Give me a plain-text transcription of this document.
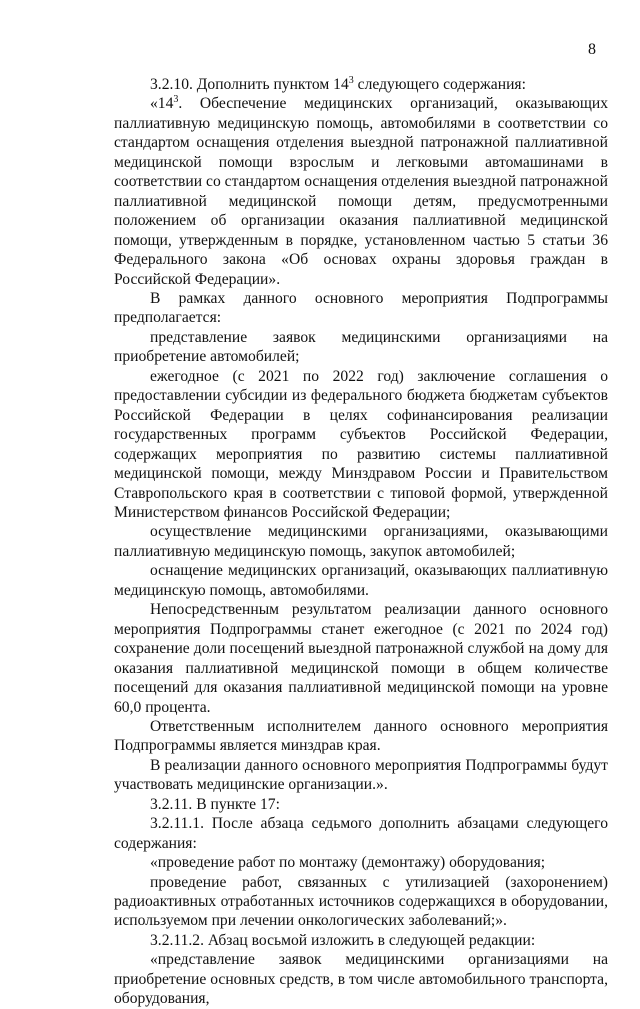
8

3.2.10. Дополнить пунктом $14^3$ следующего содержания:

«$14^3$. Обеспечение медицинских организаций, оказывающих паллиативную медицинскую помощь, автомобилями в соответствии со стандартом оснащения отделения выездной патронажной паллиативной медицинской помощи взрослым и легковыми автомашинами в соответствии со стандартом оснащения отделения выездной патронажной паллиативной медицинской помощи детям, предусмотренными положением об организации оказания паллиативной медицинской помощи, утвержденным в порядке, установленном частью 5 статьи 36 Федерального закона «Об основах охраны здоровья граждан в Российской Федерации».

В рамках данного основного мероприятия Подпрограммы предполагается:

представление заявок медицинскими организациями на приобретение автомобилей;

ежегодное (с 2021 по 2022 год) заключение соглашения о предоставлении субсидии из федерального бюджета бюджетам субъектов Российской Федерации в целях софинансирования реализации государственных программ субъектов Российской Федерации, содержащих мероприятия по развитию системы паллиативной медицинской помощи, между Минздравом России и Правительством Ставропольского края в соответствии с типовой формой, утвержденной Министерством финансов Российской Федерации;

осуществление медицинскими организациями, оказывающими паллиативную медицинскую помощь, закупок автомобилей;

оснащение медицинских организаций, оказывающих паллиативную медицинскую помощь, автомобилями.

Непосредственным результатом реализации данного основного мероприятия Подпрограммы станет ежегодное (с 2021 по 2024 год) сохранение доли посещений выездной патронажной службой на дому для оказания паллиативной медицинской помощи в общем количестве посещений для оказания паллиативной медицинской помощи на уровне 60,0 процента.

Ответственным исполнителем данного основного мероприятия Подпрограммы является минздрав края.

В реализации данного основного мероприятия Подпрограммы будут участвовать медицинские организации.».

3.2.11. В пункте 17:

3.2.11.1. После абзаца седьмого дополнить абзацами следующего содержания:

«проведение работ по монтажу (демонтажу) оборудования;

проведение работ, связанных с утилизацией (захоронением) радиоактивных отработанных источников содержащихся в оборудовании, используемом при лечении онкологических заболеваний;».

3.2.11.2. Абзац восьмой изложить в следующей редакции:

«представление заявок медицинскими организациями на приобретение основных средств, в том числе автомобильного транспорта, оборудования,
